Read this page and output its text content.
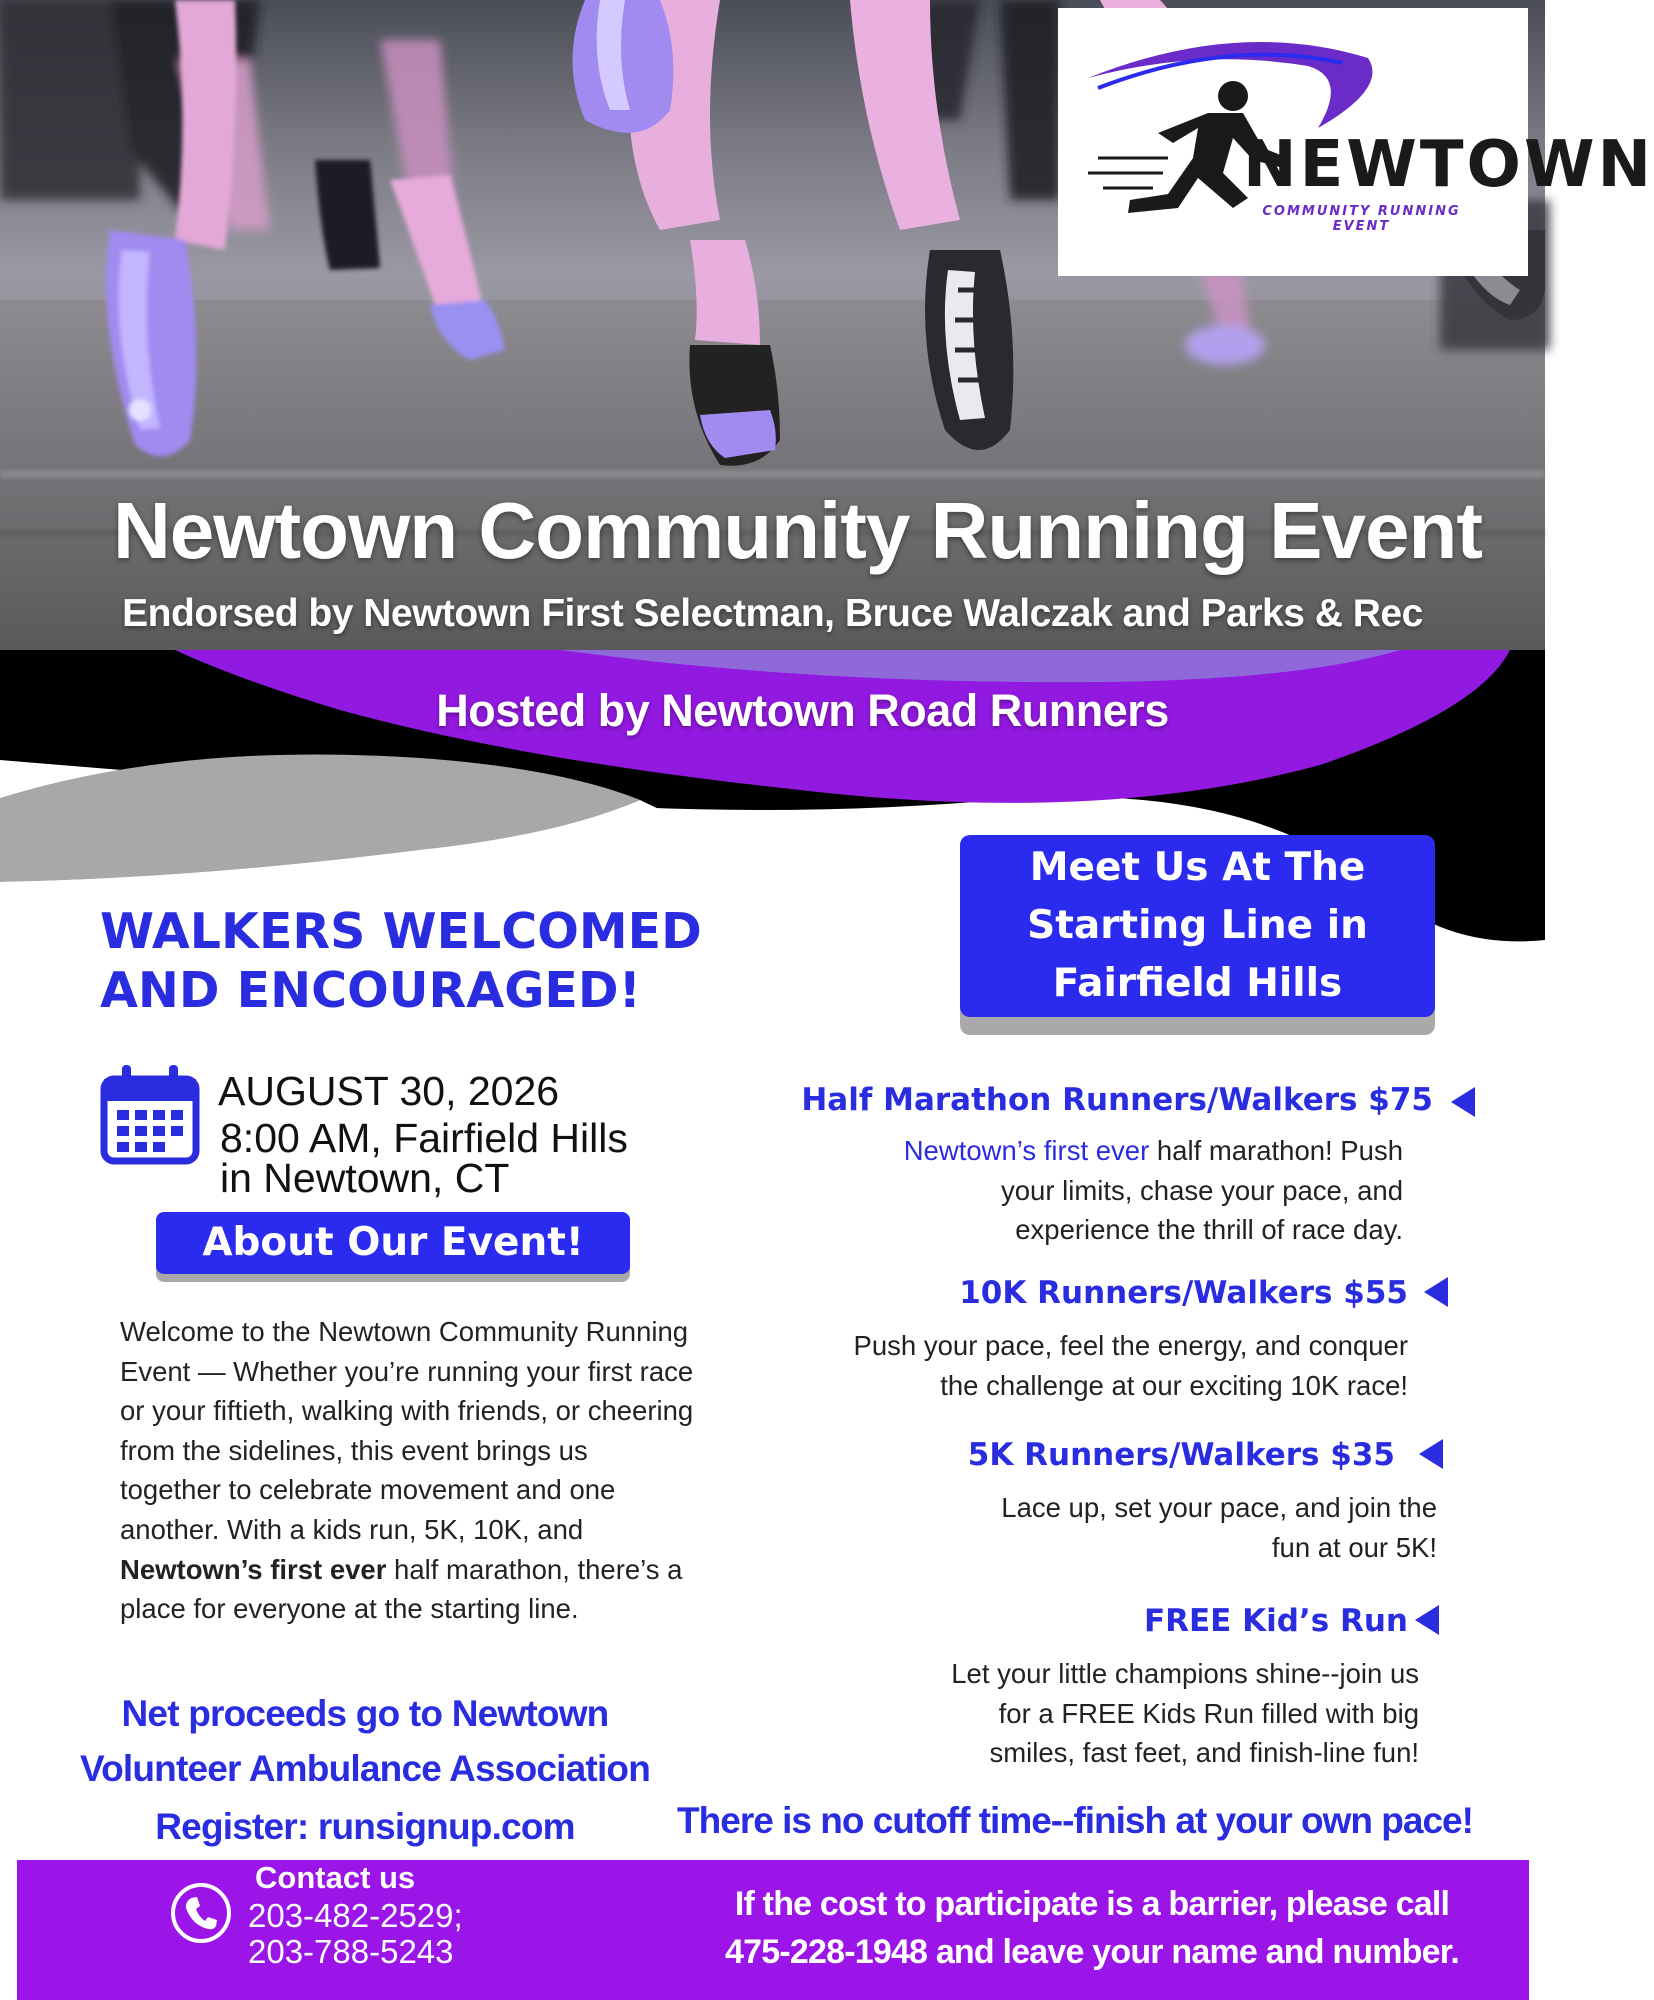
NEWTOWN
COMMUNITY RUNNING EVENT
Newtown Community Running Event
Endorsed by Newtown First Selectman, Bruce Walczak and Parks & Rec
Hosted by Newtown Road Runners
WALKERS WELCOMED
AND ENCOURAGED!
AUGUST 30, 2026
8:00 AM, Fairfield Hills
in Newtown, CT
About Our Event!
Welcome to the Newtown Community Running Event — Whether you’re running your first race or your fiftieth, walking with friends, or cheering from the sidelines, this event brings us together to celebrate movement and one another. With a kids run, 5K, 10K, and Newtown’s first ever half marathon, there’s a place for everyone at the starting line.
Net proceeds go to Newtown
Volunteer Ambulance Association
Register: runsignup.com
Meet Us At The
Starting Line in
Fairfield Hills
Half Marathon Runners/Walkers $75
Newtown’s first ever half marathon! Push
your limits, chase your pace, and
experience the thrill of race day.
10K Runners/Walkers $55
Push your pace, feel the energy, and conquer
the challenge at our exciting 10K race!
5K Runners/Walkers $35
Lace up, set your pace, and join the
fun at our 5K!
FREE Kid’s Run
Let your little champions shine--join us
for a FREE Kids Run filled with big
smiles, fast feet, and finish-line fun!
There is no cutoff time--finish at your own pace!
Contact us
203-482-2529;
203-788-5243
If the cost to participate is a barrier, please call
475-228-1948 and leave your name and number.
